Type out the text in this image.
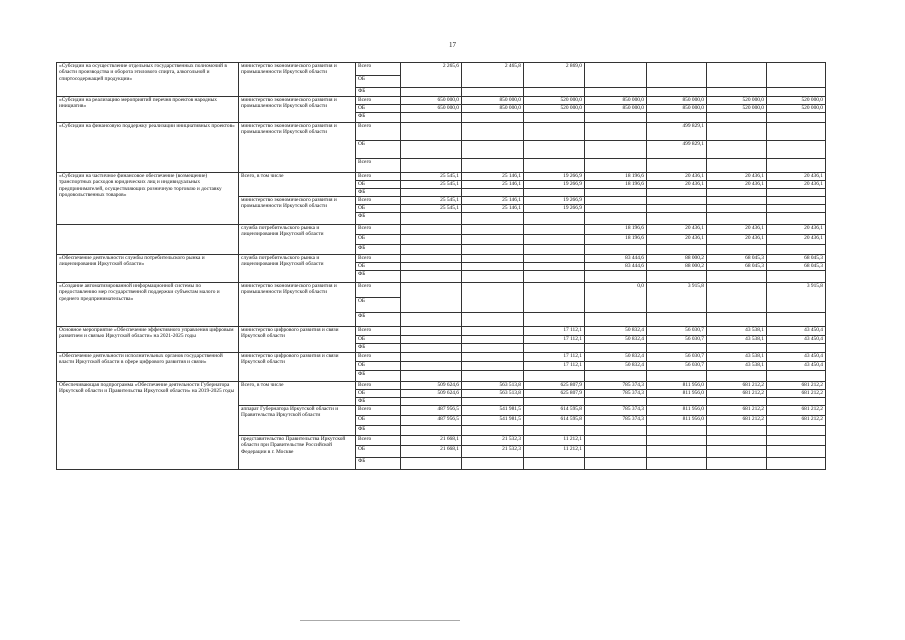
17
«Субсидии на осуществление отдельных государственных полномочий в области производства и оборота этилового спирта, алкогольной и спиртосодержащей продукции»	министерство экономического развития и промышленности Иркутской области	Всего	2 265,6	2 465,8	2 869,0				
		ОБ							
		ФБ							
«Субсидии на реализацию мероприятий перечня проектов народных инициатив»	министерство экономического развития и промышленности Иркутской области	Всего	650 000,0	850 000,0	520 000,0	850 000,0	850 000,0	520 000,0	520 000,0
		ОБ	650 000,0	850 000,0	520 000,0	850 000,0	850 000,0	520 000,0	520 000,0
		ФБ							
«Субсидии на финансовую поддержку реализации инициативных проектов»	министерство экономического развития и промышленности Иркутской области	Всего					499 829,1		
		ОБ					499 829,1		
		Всего							
«Субсидии на частичное финансовое обеспечение (возмещение) транспортных расходов юридических лиц и индивидуальных предпринимателей, осуществляющих розничную торговлю и доставку продовольственных товаров»	Всего, в том числе	Всего	25 545,1	25 146,1	19 266,9	18 196,6	20 436,1	20 436,1	20 436,1
		ОБ	25 545,1	25 146,1	19 266,9	18 196,6	20 436,1	20 436,1	20 436,1
		ФБ							
	министерство экономического развития и промышленности Иркутской области	Всего	25 545,1	25 146,1	19 266,9				
		ОБ	25 545,1	25 146,1	19 266,9				
		ФБ							
	служба потребительского рынка и лицензирования Иркутской области	Всего				18 196,6	20 436,1	20 436,1	20 436,1
		ОБ				18 196,6	20 436,1	20 436,1	20 436,1
		ФБ							
«Обеспечение деятельности службы потребительского рынка и лицензирования Иркутской области»	служба потребительского рынка и лицензирования Иркутской области	Всего				83 444,6	88 000,2	68 045,3	68 045,3
		ОБ				83 444,6	88 000,2	68 045,3	68 045,3
		ФБ							
«Создание автоматизированной информационной системы по предоставлению мер государственной поддержки субъектам малого и среднего предпринимательства»	министерство экономического развития и промышленности Иркутской области	Всего				0,0	3 915,8		3 915,8
		ОБ							
		ФБ							
Основное мероприятие «Обеспечение эффективного управления цифровым развитием и связью Иркутской области» на 2021-2025 годы	министерство цифрового развития и связи Иркутской области	Всего			17 112,1	50 832,4	56 030,7	43 538,1	43 450,4
		ОБ			17 112,1	50 832,4	56 030,7	43 538,1	43 450,4
		ФБ							
«Обеспечение деятельности исполнительных органов государственной власти Иркутской области в сфере цифрового развития и связи»	министерство цифрового развития и связи Иркутской области	Всего			17 112,1	50 832,4	56 030,7	43 538,1	43 450,4
		ОБ			17 112,1	50 832,4	56 030,7	43 538,1	43 450,4
		ФБ							
Обеспечивающая подпрограмма «Обеспечение деятельности Губернатора Иркутской области и Правительства Иркутской области» на 2019-2025 годы	Всего, в том числе	Всего	509 624,6	563 513,8	625 807,9	785 374,3	811 956,0	681 212,2	681 212,2
		ОБ	509 624,6	563 513,8	625 807,9	785 374,3	811 956,0	681 212,2	681 212,2
		ФБ							
	аппарат Губернатора Иркутской области и Правительства Иркутской области	Всего	487 956,5	541 981,5	614 595,8	785 374,3	811 956,0	681 212,2	681 212,2
		ОБ	487 956,5	541 981,5	614 595,8	785 374,3	811 956,0	681 212,2	681 212,2
		ФБ							
	представительство Правительства Иркутской области при Правительстве Российской Федерации в г. Москве	Всего	21 668,1	21 532,3	11 212,1				
		ОБ	21 668,1	21 532,3	11 212,1				
		ФБ							
